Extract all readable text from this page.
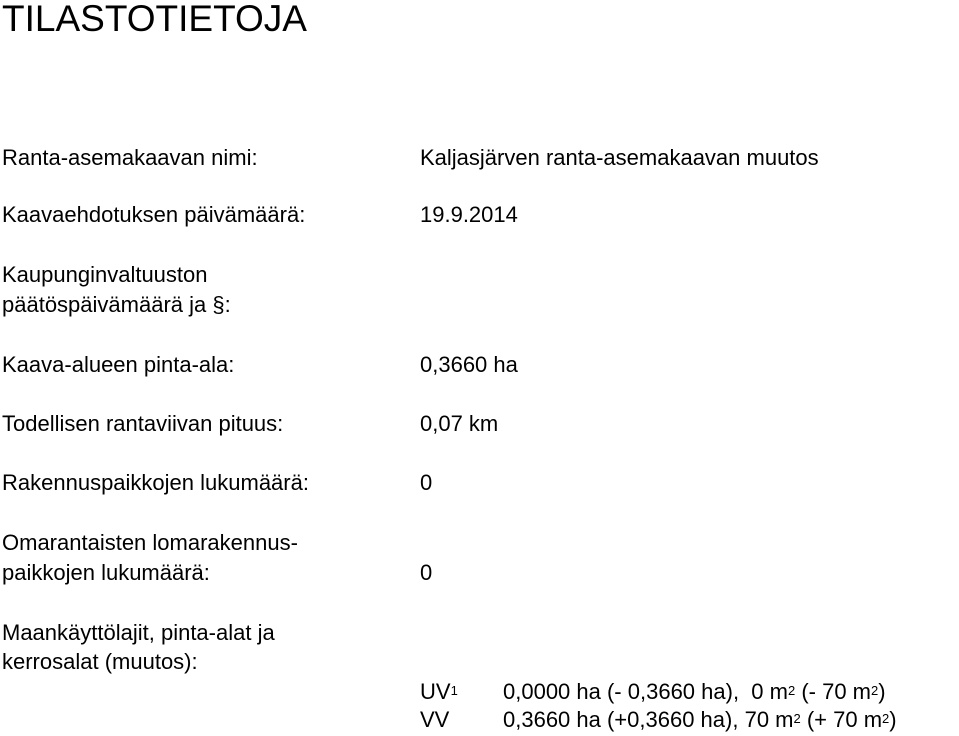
TILASTOTIETOJA
Ranta-asemakaavan nimi:	Kaljasjärven ranta-asemakaavan muutos
Kaavaehdotuksen päivämäärä:	19.9.2014
Kaupunginvaltuuston
päätöspäivämäärä ja §:
Kaava-alueen pinta-ala:	0,3660 ha
Todellisen rantaviivan pituus:	0,07 km
Rakennuspaikkojen lukumäärä:	0
Omarantaisten lomarakennus-
paikkojen lukumäärä:	0
Maankäyttölajit, pinta-alat ja
kerrosalat (muutos):
$UV^1$ 0,0000 ha (- 0,3660 ha),  0 $m^2$ (- 70 $m^2$)
VV 0,3660 ha (+0,3660 ha), 70 $m^2$ (+ 70 $m^2$)
